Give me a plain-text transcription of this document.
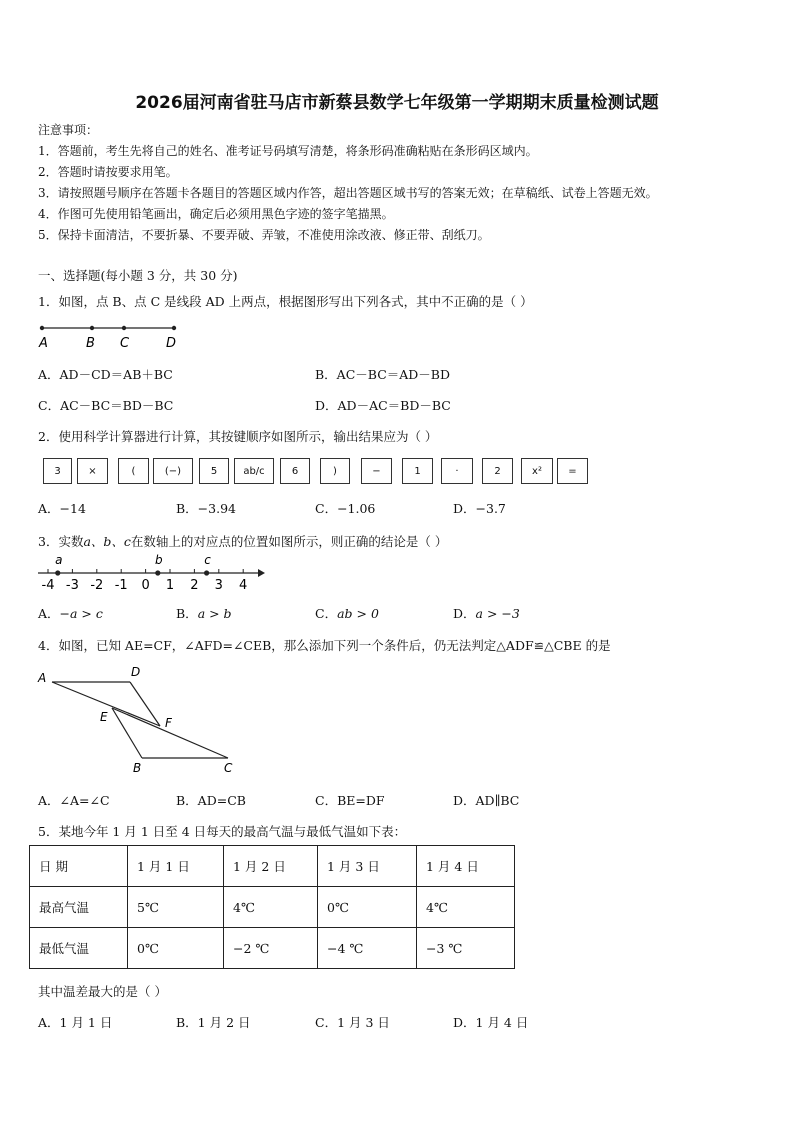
2026届河南省驻马店市新蔡县数学七年级第一学期期末质量检测试题
注意事项：
1．答题前，考生先将自己的姓名、准考证号码填写清楚，将条形码准确粘贴在条形码区域内。
2．答题时请按要求用笔。
3．请按照题号顺序在答题卡各题目的答题区域内作答，超出答题区域书写的答案无效；在草稿纸、试卷上答题无效。
4．作图可先使用铅笔画出，确定后必须用黑色字迹的签字笔描黑。
5．保持卡面清洁，不要折暴、不要弄破、弄皱，不准使用涂改液、修正带、刮纸刀。
一、选择题(每小题 3 分，共 30 分)
1．如图，点 B、点 C 是线段 AD 上两点，根据图形写出下列各式，其中不正确的是（ ）
A	B C	D
A．AD－CD＝AB＋BC	B．AC－BC＝AD－BD
C．AC－BC＝BD－BC	D．AD－AC＝BD－BC
2．使用科学计算器进行计算，其按键顺序如图所示，输出结果应为（ ）
3	×	(	(−)	5	ab/c	6	)	−	1	·	2	x²	=
A．−14	B．−3.94	C．−1.06	D．−3.7
3．实数a、b、c在数轴上的对应点的位置如图所示，则正确的结论是（ ）
-4 -3 -2 -1 0 1 2 3 4
a	b	c
A．−a > c	B．a > b	C．ab > 0	D．a > −3
4．如图，已知 AE=CF，∠AFD=∠CEB，那么添加下列一个条件后，仍无法判定△ADF≌△CBE 的是
A	D
E	F
B	C
A．∠A=∠C	B．AD=CB	C．BE=DF	D．AD∥BC
5．某地今年 1 月 1 日至 4 日每天的最高气温与最低气温如下表：
日 期	1 月 1 日	1 月 2 日	1 月 3 日	1 月 4 日
最高气温	5℃	4℃	0℃	4℃
最低气温	0℃	−2 ℃	−4 ℃	−3 ℃
其中温差最大的是（ ）
A．1 月 1 日	B．1 月 2 日	C．1 月 3 日	D．1 月 4 日
